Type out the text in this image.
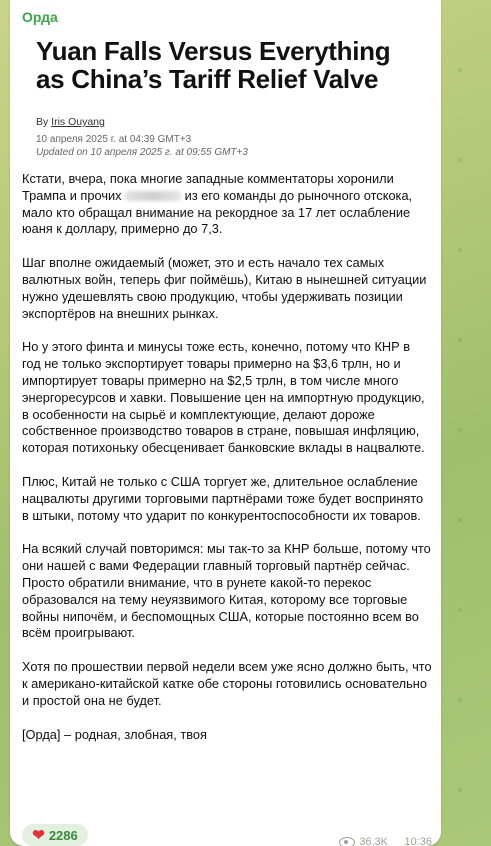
Орда
Yuan Falls Versus Everything as China’s Tariff Relief Valve
By Iris Ouyang
10 апреля 2025 г. at 04:39 GMT+3
Updated on 10 апреля 2025 г. at 09:55 GMT+3

Кстати, вчера, пока многие западные комментаторы хоронили Трампа и прочих	из его команды до рыночного отскока, мало кто обращал внимание на рекордное за 17 лет ослабление юаня к доллару, примерно до 7,3.

Шаг вполне ожидаемый (может, это и есть начало тех самых валютных войн, теперь фиг поймёшь), Китаю в нынешней ситуации нужно удешевлять свою продукцию, чтобы удерживать позиции экспортёров на внешних рынках.

Но у этого финта и минусы тоже есть, конечно, потому что КНР в год не только экспортирует товары примерно на $3,6 трлн, но и импортирует товары примерно на $2,5 трлн, в том числе много энергоресурсов и хавки. Повышение цен на импортную продукцию, в особенности на сырьё и комплектующие, делают дороже собственное производство товаров в стране, повышая инфляцию, которая потихоньку обесценивает банковские вклады в нацвалюте.

Плюс, Китай не только с США торгует же, длительное ослабление нацвалюты другими торговыми партнёрами тоже будет воспринято в штыки, потому что ударит по конкурентоспособности их товаров.

На всякий случай повторимся: мы так-то за КНР больше, потому что они нашей с вами Федерации главный торговый партнёр сейчас. Просто обратили внимание, что в рунете какой-то перекос образовался на тему неуязвимого Китая, которому все торговые войны нипочём, и беспомощных США, которые постоянно всем во всём проигрывают.

Хотя по прошествии первой недели всем уже ясно должно быть, что к американо-китайской катке обе стороны готовились основательно и простой она не будет.

[Орда] – родная, злобная, твоя

❤ 2286	36,3K 10:36
